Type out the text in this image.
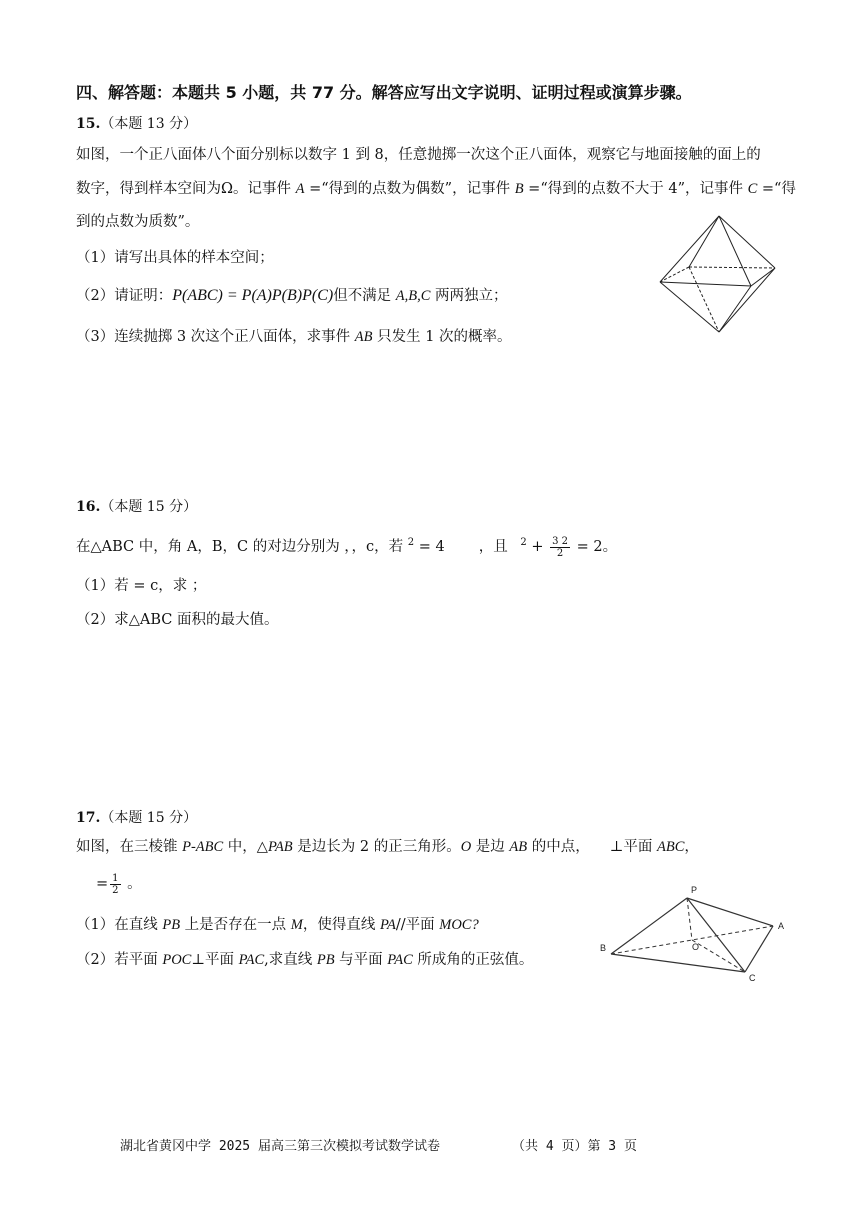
四、解答题：本题共 5 小题，共 77 分。解答应写出文字说明、证明过程或演算步骤。
15.（本题 13 分）
如图，一个正八面体八个面分别标以数字 1 到 8，任意抛掷一次这个正八面体，观察它与地面接触的面上的
数字，得到样本空间为Ω。记事件 A =“得到的点数为偶数”，记事件 B =“得到的点数不大于 4”，记事件 C =“得
到的点数为质数”。
（1）请写出具体的样本空间；
（2）请证明：P(ABC) = P(A)P(B)P(C)但不满足 A,B,C 两两独立；
（3）连续抛掷 3 次这个正八面体，求事件 AB 只发生 1 次的概率。
16.（本题 15 分）
在△ABC 中，角 A，B，C 的对边分别为 ，，c，若 $^2$ = 4 ，且 $^2 + \frac{3 2}{2} = 2$。
（1）若 = c，求 ；
（2）求△ABC 面积的最大值。
17.（本题 15 分）
如图，在三棱锥 P-ABC 中，△PAB 是边长为 2 的正三角形。O 是边 AB 的中点， ⊥平面 ABC，
= $\frac{1}{2}$ 。
（1）在直线 PB 上是否存在一点 M，使得直线 PA//平面 MOC?
（2）若平面 POC⊥平面 PAC,求直线 PB 与平面 PAC 所成角的正弦值。
P
A
B
C
O
湖北省黄冈中学 2025 届高三第三次模拟考试数学试卷	（共 4 页）第 3 页
